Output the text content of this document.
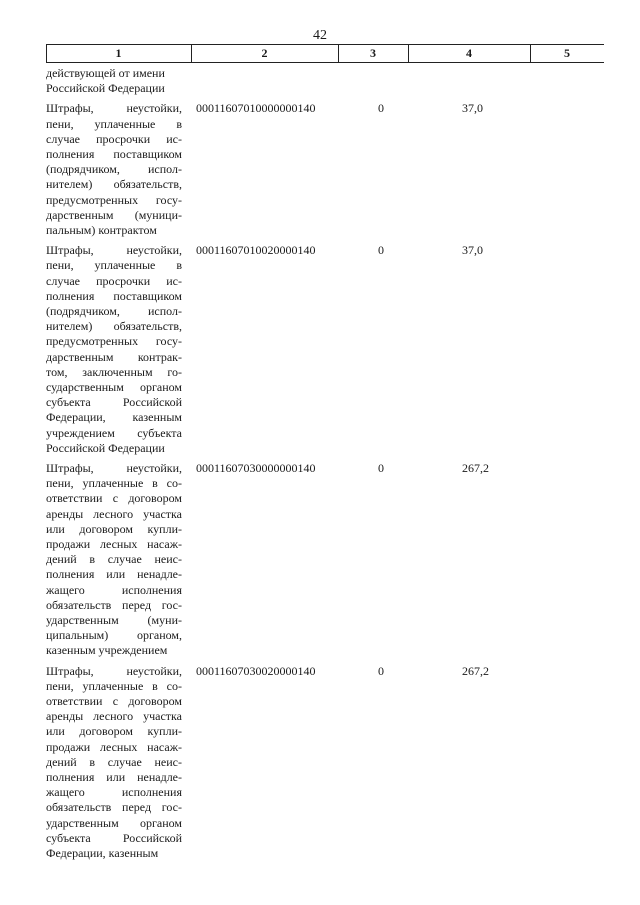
42
1	2	3	4	5
действующей от имени
Российской Федерации
Штрафы, неустойки,
пени, уплаченные в
случае просрочки ис-
полнения поставщиком
(подрядчиком, испол-
нителем) обязательств,
предусмотренных госу-
дарственным (муници-
пальным) контрактом
00011607010000000140	0	37,0
Штрафы, неустойки,
пени, уплаченные в
случае просрочки ис-
полнения поставщиком
(подрядчиком, испол-
нителем) обязательств,
предусмотренных госу-
дарственным контрак-
том, заключенным го-
сударственным органом
субъекта Российской
Федерации, казенным
учреждением субъекта
Российской Федерации
00011607010020000140	0	37,0
Штрафы, неустойки,
пени, уплаченные в со-
ответствии с договором
аренды лесного участка
или договором купли-
продажи лесных насаж-
дений в случае неис-
полнения или ненадле-
жащего исполнения
обязательств перед гос-
ударственным (муни-
ципальным) органом,
казенным учреждением
00011607030000000140	0	267,2
Штрафы, неустойки,
пени, уплаченные в со-
ответствии с договором
аренды лесного участка
или договором купли-
продажи лесных насаж-
дений в случае неис-
полнения или ненадле-
жащего исполнения
обязательств перед гос-
ударственным органом
субъекта Российской
Федерации, казенным
00011607030020000140	0	267,2
